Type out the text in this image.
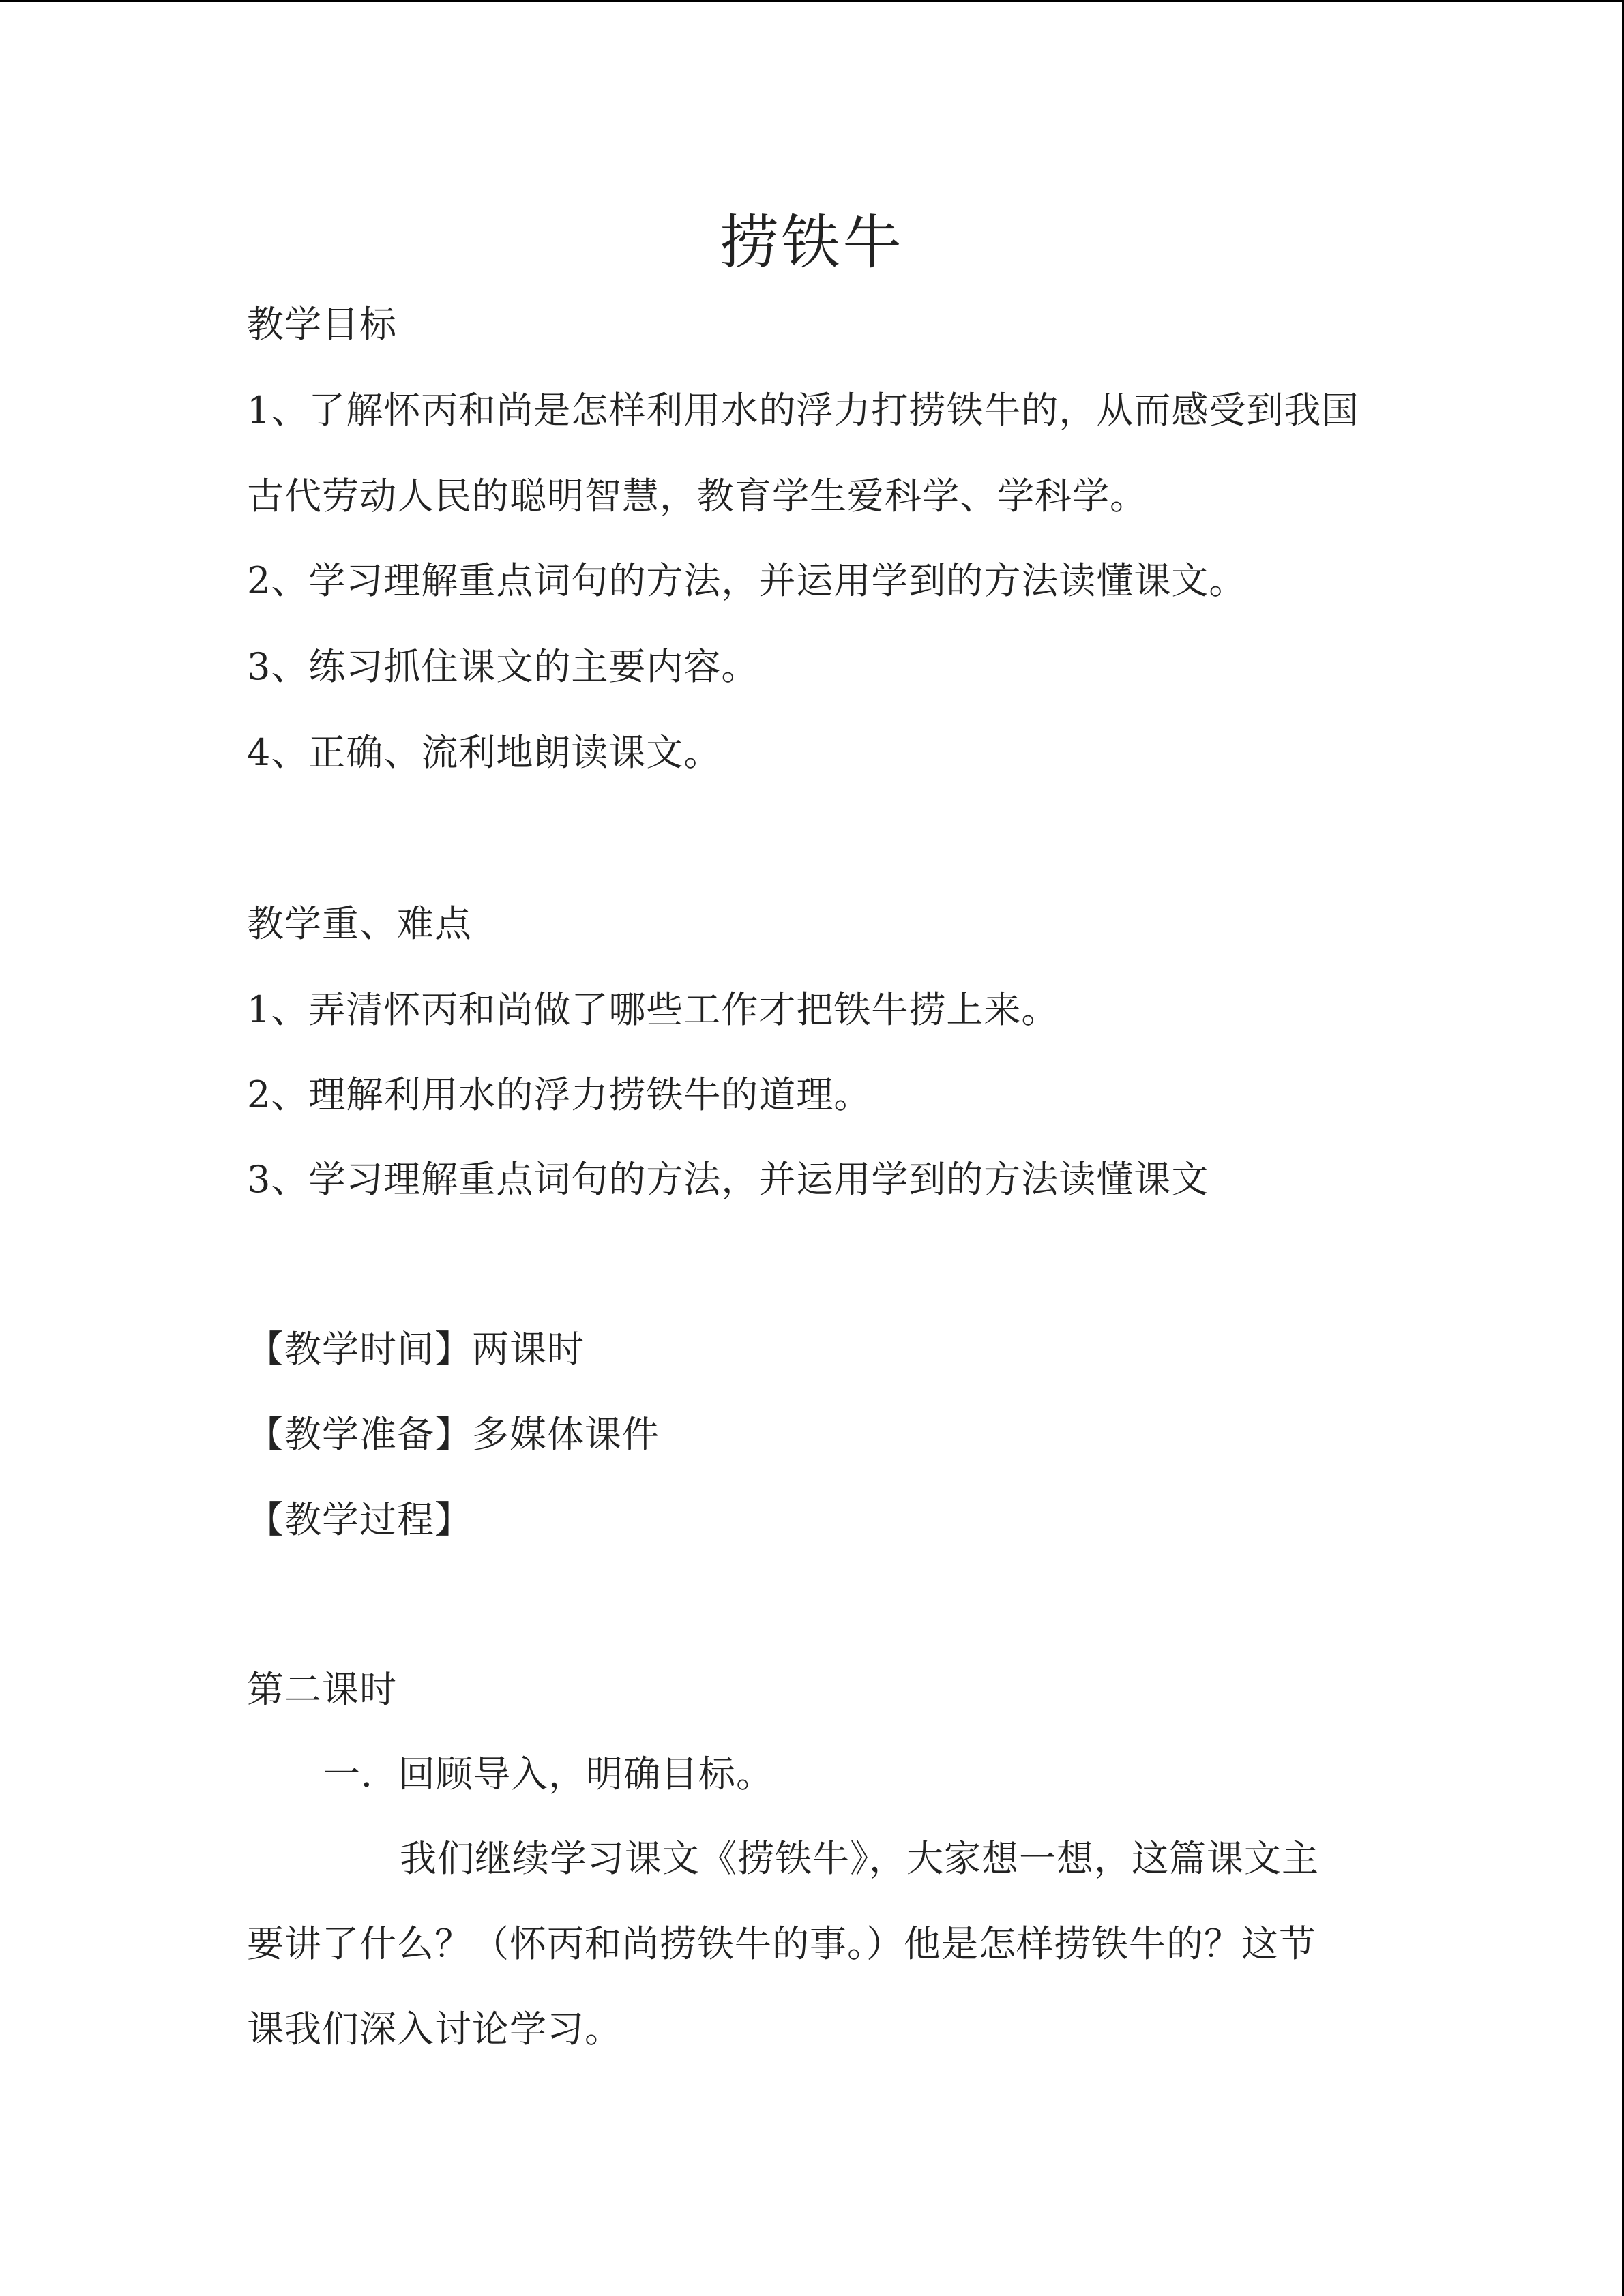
捞铁牛
教学目标
1、了解怀丙和尚是怎样利用水的浮力打捞铁牛的，从而感受到我国
古代劳动人民的聪明智慧，教育学生爱科学、学科学。
2、学习理解重点词句的方法，并运用学到的方法读懂课文。
3、练习抓住课文的主要内容。
4、正确、流利地朗读课文。
教学重、难点
1、弄清怀丙和尚做了哪些工作才把铁牛捞上来。
2、理解利用水的浮力捞铁牛的道理。
3、学习理解重点词句的方法，并运用学到的方法读懂课文
【教学时间】两课时
【教学准备】多媒体课件
【教学过程】
第二课时
一．回顾导入，明确目标。
我们继续学习课文《捞铁牛》，大家想一想，这篇课文主
要讲了什么？（怀丙和尚捞铁牛的事。）他是怎样捞铁牛的？这节
课我们深入讨论学习。
